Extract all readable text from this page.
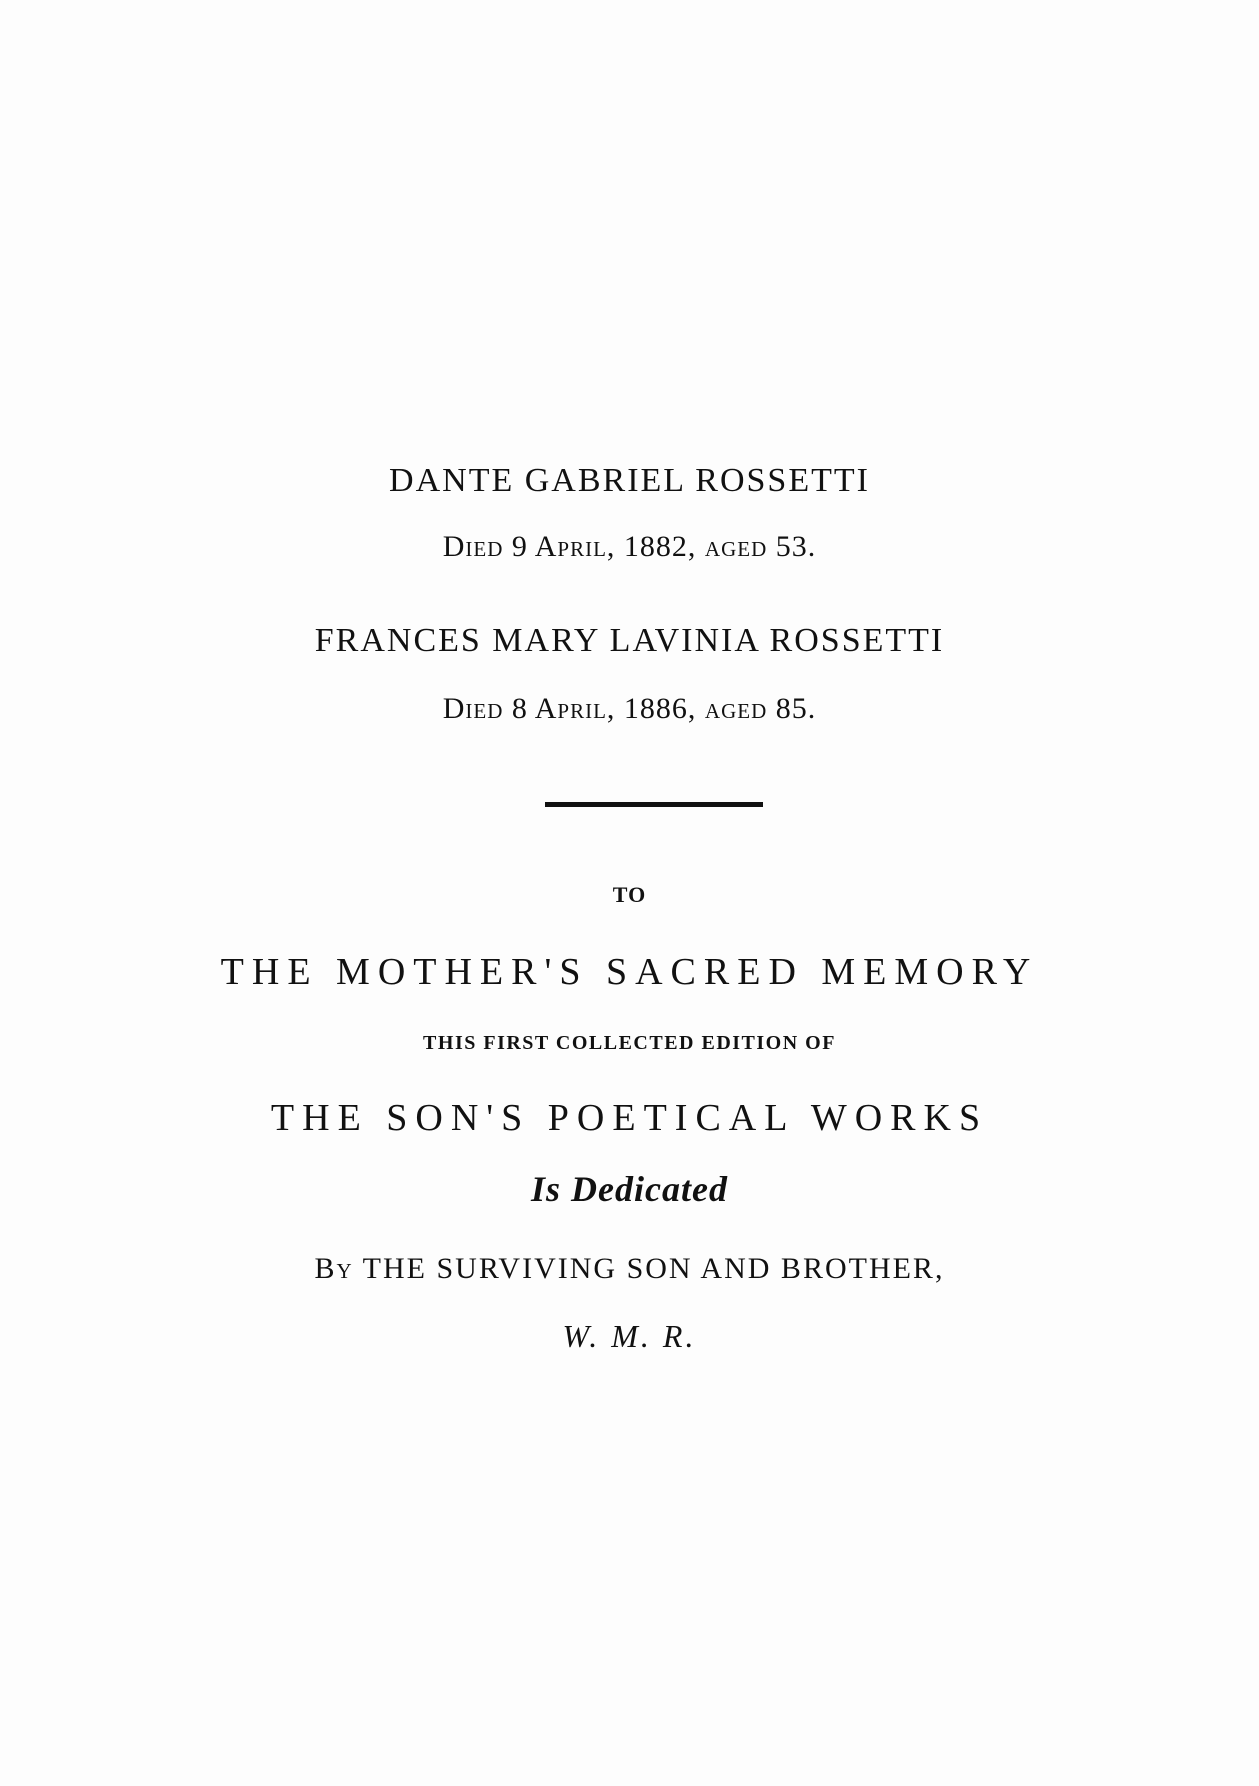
DANTE GABRIEL ROSSETTI
Died 9 April, 1882, aged 53.
FRANCES MARY LAVINIA ROSSETTI
Died 8 April, 1886, aged 85.
TO
THE MOTHER'S SACRED MEMORY
THIS FIRST COLLECTED EDITION OF
THE SON'S POETICAL WORKS
Is Dedicated
By THE SURVIVING SON AND BROTHER,
W. M. R.
